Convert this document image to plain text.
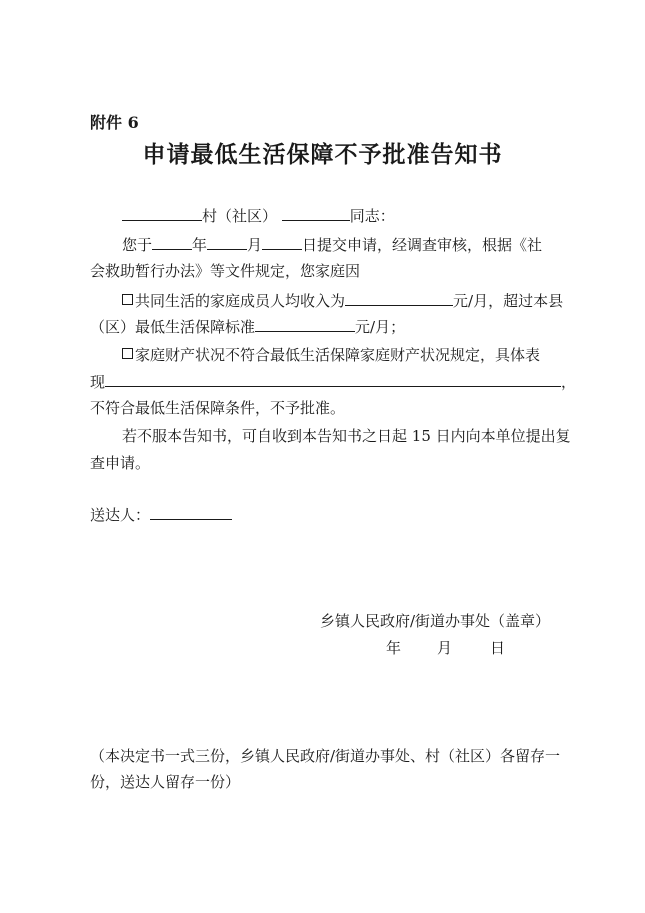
附件 6
申请最低生活保障不予批准告知书
村（社区）	同志：
您于	年	月	日提交申请，经调查审核，根据《社
会救助暂行办法》等文件规定，您家庭因
共同生活的家庭成员人均收入为	元/月，超过本县
（区）最低生活保障标准	元/月；
家庭财产状况不符合最低生活保障家庭财产状况规定，具体表
现	，
不符合最低生活保障条件，不予批准。
若不服本告知书，可自收到本告知书之日起 15 日内向本单位提出复
查申请。
送达人：
乡镇人民政府/街道办事处（盖章）
年 月	日
（本决定书一式三份，乡镇人民政府/街道办事处、村（社区）各留存一
份，送达人留存一份）
